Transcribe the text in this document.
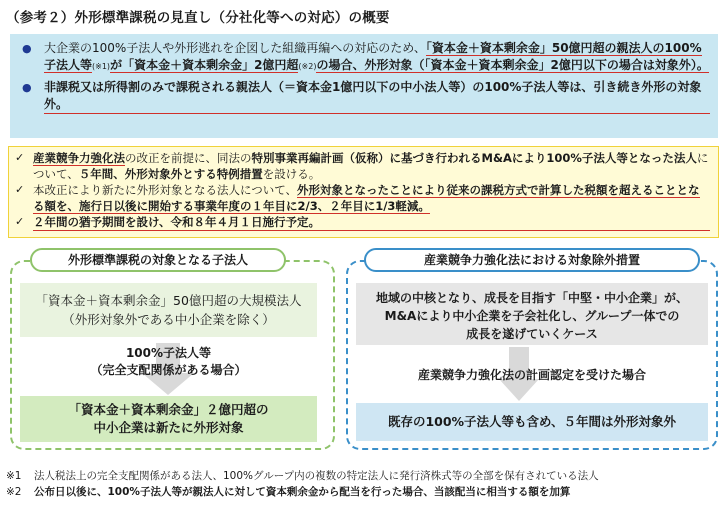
（参考２）外形標準課税の見直し（分社化等への対応）の概要
●	大企業の100%子法人や外形逃れを企図した組織再編への対応のため、「資本金＋資本剰余金」50億円超の親法人の100%子法人等(※1)が「資本金＋資本剰余金」2億円超(※2)の場合、外形対象（「資本金＋資本剰余金」2億円以下の場合は対象外）。
●	非課税又は所得割のみで課税される親法人（＝資本金1億円以下の中小法人等）の100%子法人等は、引き続き外形の対象外。
✓ 産業競争力強化法の改正を前提に、同法の特別事業再編計画（仮称）に基づき行われるM&Aにより100%子法人等となった法人について、５年間、外形対象外とする特例措置を設ける。
✓ 本改正により新たに外形対象となる法人について、外形対象となったことにより従来の課税方式で計算した税額を超えることとなる額を、施行日以後に開始する事業年度の１年目に2/3、２年目に1/3軽減。
✓ ２年間の猶予期間を設け、令和８年４月１日施行予定。
外形標準課税の対象となる子法人
「資本金＋資本剰余金」50億円超の大規模法人
（外形対象外である中小企業を除く）
100%子法人等
（完全支配関係がある場合）
「資本金＋資本剰余金」２億円超の
中小企業は新たに外形対象
産業競争力強化法における対象除外措置
地域の中核となり、成長を目指す「中堅・中小企業」が、
M&Aにより中小企業を子会社化し、グループ一体での
成長を遂げていくケース
産業競争力強化法の計画認定を受けた場合
既存の100%子法人等も含め、５年間は外形対象外
※1	法人税法上の完全支配関係がある法人、100%グループ内の複数の特定法人に発行済株式等の全部を保有されている法人
※2	公布日以後に、100%子法人等が親法人に対して資本剰余金から配当を行った場合、当該配当に相当する額を加算
